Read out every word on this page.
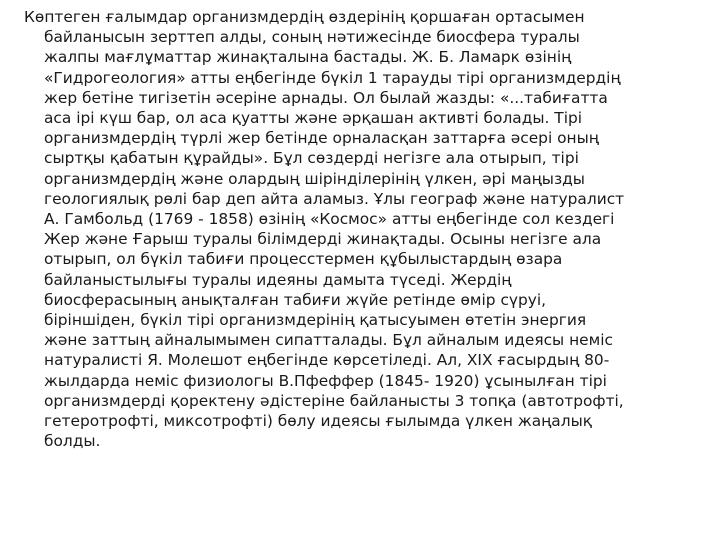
Көптеген ғалымдар организмдердің өздерінің қоршаған ортасымен
байланысын зерттеп алды, соның нәтижесінде биосфера туралы
жалпы мағлұматтар жинақталына бастады. Ж. Б. Ламарк өзінің
«Гидрогеология» атты еңбегінде бүкіл 1 тарауды тірі организмдердің
жер бетіне тигізетін әсеріне арнады. Ол былай жазды: «...табиғатта
аса ірі күш бар, ол аса қуатты және әрқашан активті болады. Тірі
организмдердің түрлі жер бетінде орналасқан заттарға әсері оның
сыртқы қабатын құрайды». Бұл сөздерді негізге ала отырып, тірі
организмдердің және олардың шіріндiлерінің үлкен, әрі маңызды
геологиялық рөлі бар деп айта аламыз. Ұлы географ және натуралист
А. Гамбольд (1769 - 1858) өзінің «Космос» атты еңбегінде сол кездегі
Жер және Ғарыш туралы білімдерді жинақтады. Осыны негізге ала
отырып, ол бүкіл табиғи процесстермен құбылыстардың өзара
байланыстылығы туралы идеяны дамыта түседі. Жердің
биосферасының анықталған табиғи жүйе ретінде өмір сүруі,
біріншіден, бүкіл тірі организмдерінің қатысуымен өтетін энергия
және заттың айналымымен сипатталады. Бұл айналым идеясы неміс
натуралисті Я. Молешот еңбегінде көрсетіледі. Ал, XIX ғасырдың 80-
жылдарда неміс физиологы В.Пфеффер (1845- 1920) ұсынылған тірі
организмдерді қоректену әдістеріне байланысты 3 топқа (автотрофті,
гетеротрофті, миксотрофті) бөлу идеясы ғылымда үлкен жаңалық
болды.
